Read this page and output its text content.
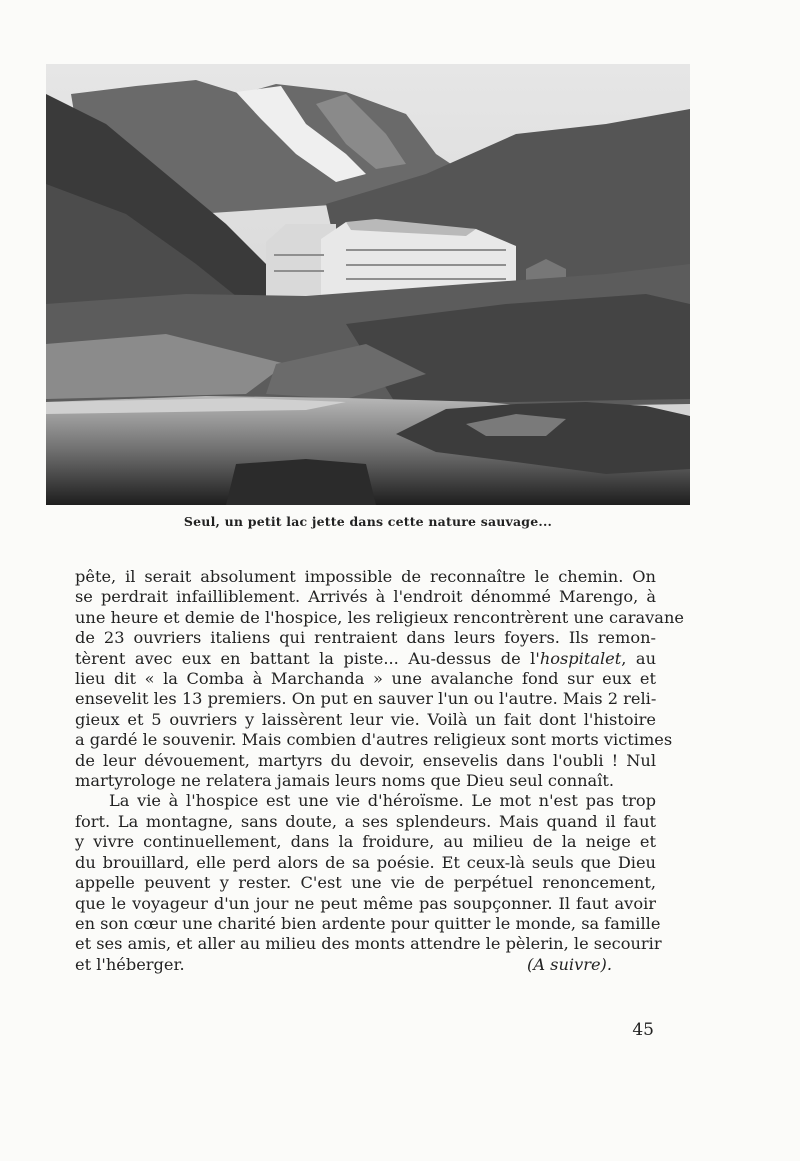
Seul, un petit lac jette dans cette nature sauvage...
pête, il serait absolument impossible de reconnaître le chemin. On
se perdrait infailliblement. Arrivés à l'endroit dénommé Marengo, à
une heure et demie de l'hospice, les religieux rencontrèrent une caravane
de 23 ouvriers italiens qui rentraient dans leurs foyers. Ils remon-
tèrent avec eux en battant la piste... Au-dessus de l'hospitalet, au
lieu dit « la Comba à Marchanda » une avalanche fond sur eux et
ensevelit les 13 premiers. On put en sauver l'un ou l'autre. Mais 2 reli-
gieux et 5 ouvriers y laissèrent leur vie. Voilà un fait dont l'histoire
a gardé le souvenir. Mais combien d'autres religieux sont morts victimes
de leur dévouement, martyrs du devoir, ensevelis dans l'oubli ! Nul
martyrologe ne relatera jamais leurs noms que Dieu seul connaît.
La vie à l'hospice est une vie d'héroïsme. Le mot n'est pas trop
fort. La montagne, sans doute, a ses splendeurs. Mais quand il faut
y vivre continuellement, dans la froidure, au milieu de la neige et
du brouillard, elle perd alors de sa poésie. Et ceux-là seuls que Dieu
appelle peuvent y rester. C'est une vie de perpétuel renoncement,
que le voyageur d'un jour ne peut même pas soupçonner. Il faut avoir
en son cœur une charité bien ardente pour quitter le monde, sa famille
et ses amis, et aller au milieu des monts attendre le pèlerin, le secourir
et l'héberger.	(A suivre).
45
